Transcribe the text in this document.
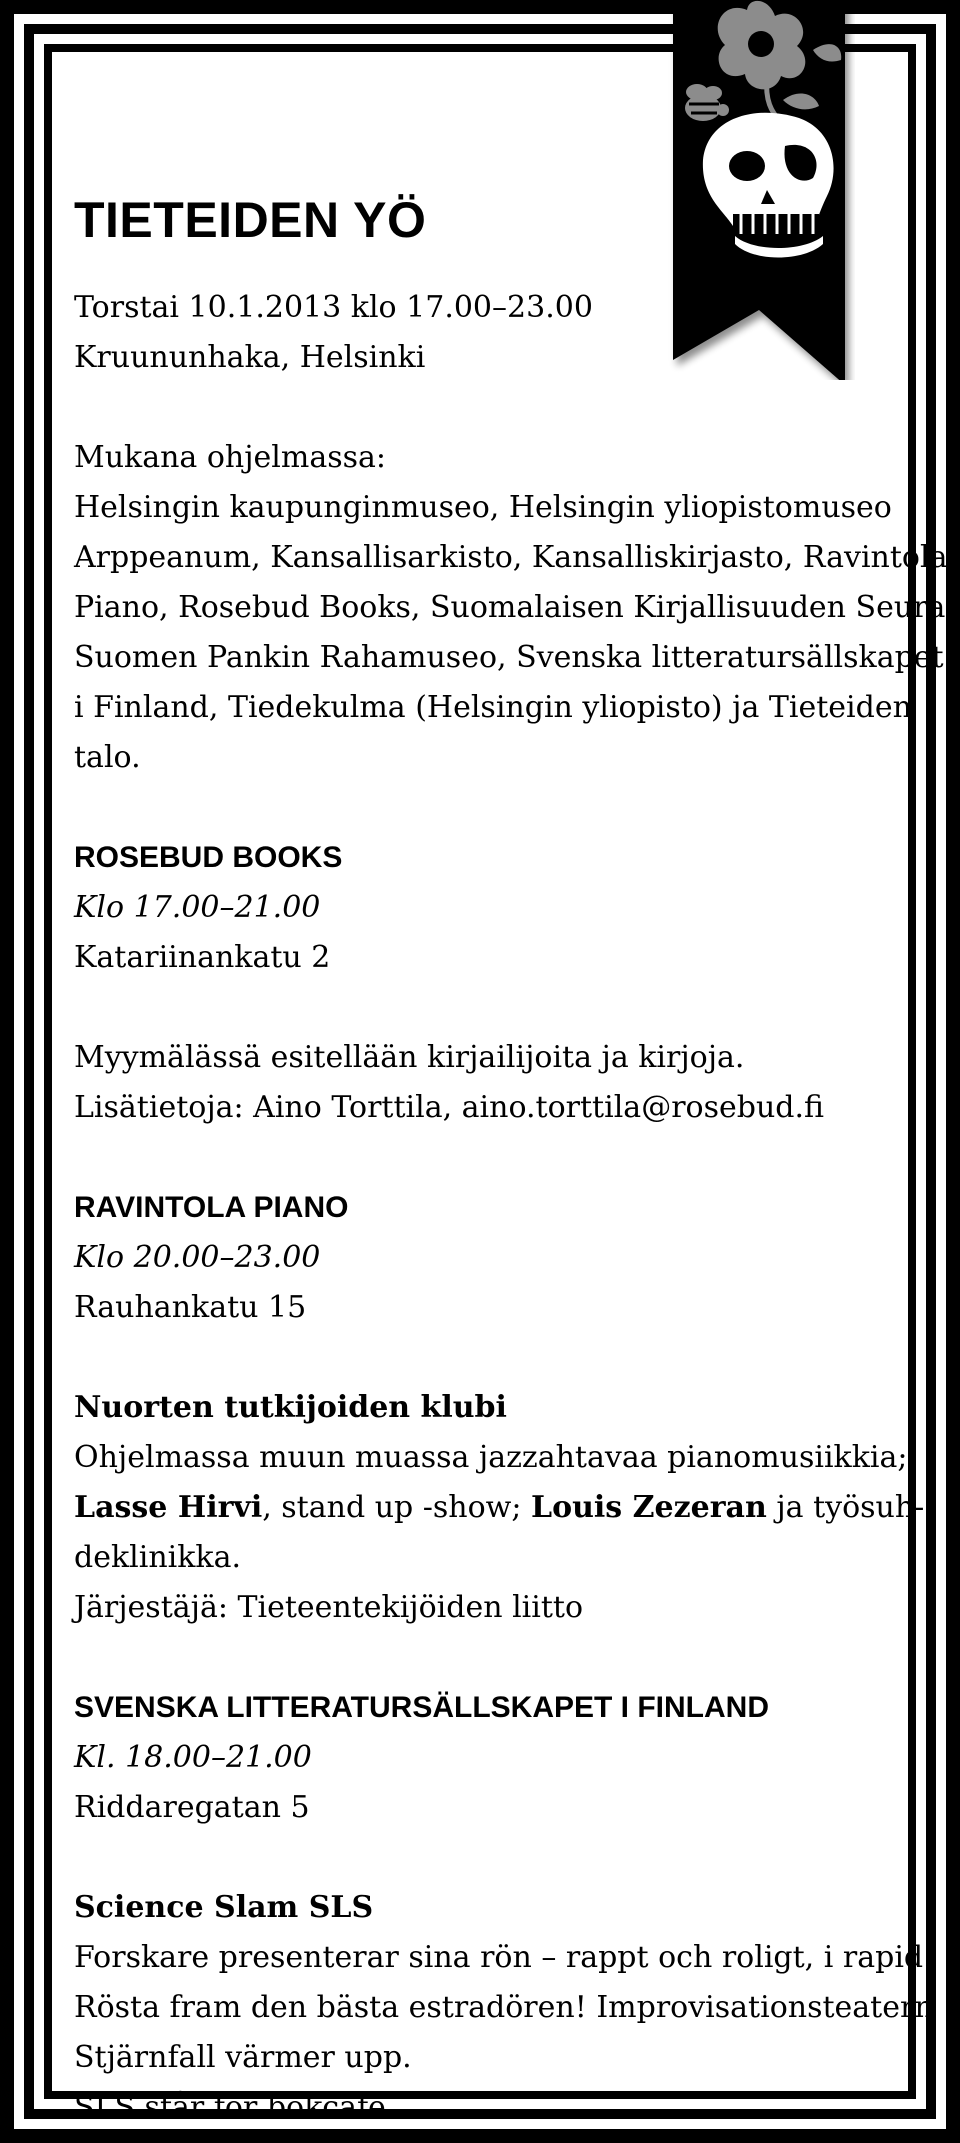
TIETEIDEN YÖ
Torstai 10.1.2013 klo 17.00–23.00
Kruununhaka, Helsinki
Mukana ohjelmassa:
Helsingin kaupunginmuseo, Helsingin yliopistomuseo
Arppeanum, Kansallisarkisto, Kansalliskirjasto, Ravintola
Piano, Rosebud Books, Suomalaisen Kirjallisuuden Seura,
Suomen Pankin Rahamuseo, Svenska litteratursällskapet
i Finland, Tiedekulma (Helsingin yliopisto) ja Tieteiden
talo.
ROSEBUD BOOKS
Klo 17.00–21.00
Katariinankatu 2
Myymälässä esitellään kirjailijoita ja kirjoja.
Lisätietoja: Aino Torttila, aino.torttila@rosebud.fi
RAVINTOLA PIANO
Klo 20.00–23.00
Rauhankatu 15
Nuorten tutkijoiden klubi
Ohjelmassa muun muassa jazzahtavaa pianomusiikkia;
Lasse Hirvi, stand up -show; Louis Zezeran ja työsuh-
deklinikka.
Järjestäjä: Tieteentekijöiden liitto
SVENSKA LITTERATURSÄLLSKAPET I FINLAND
Kl. 18.00–21.00
Riddaregatan 5
Science Slam SLS
Forskare presenterar sina rön – rappt och roligt, i rapid.
Rösta fram den bästa estradören! Improvisationsteatern
Stjärnfall värmer upp.
SLS står för bokcafé.
